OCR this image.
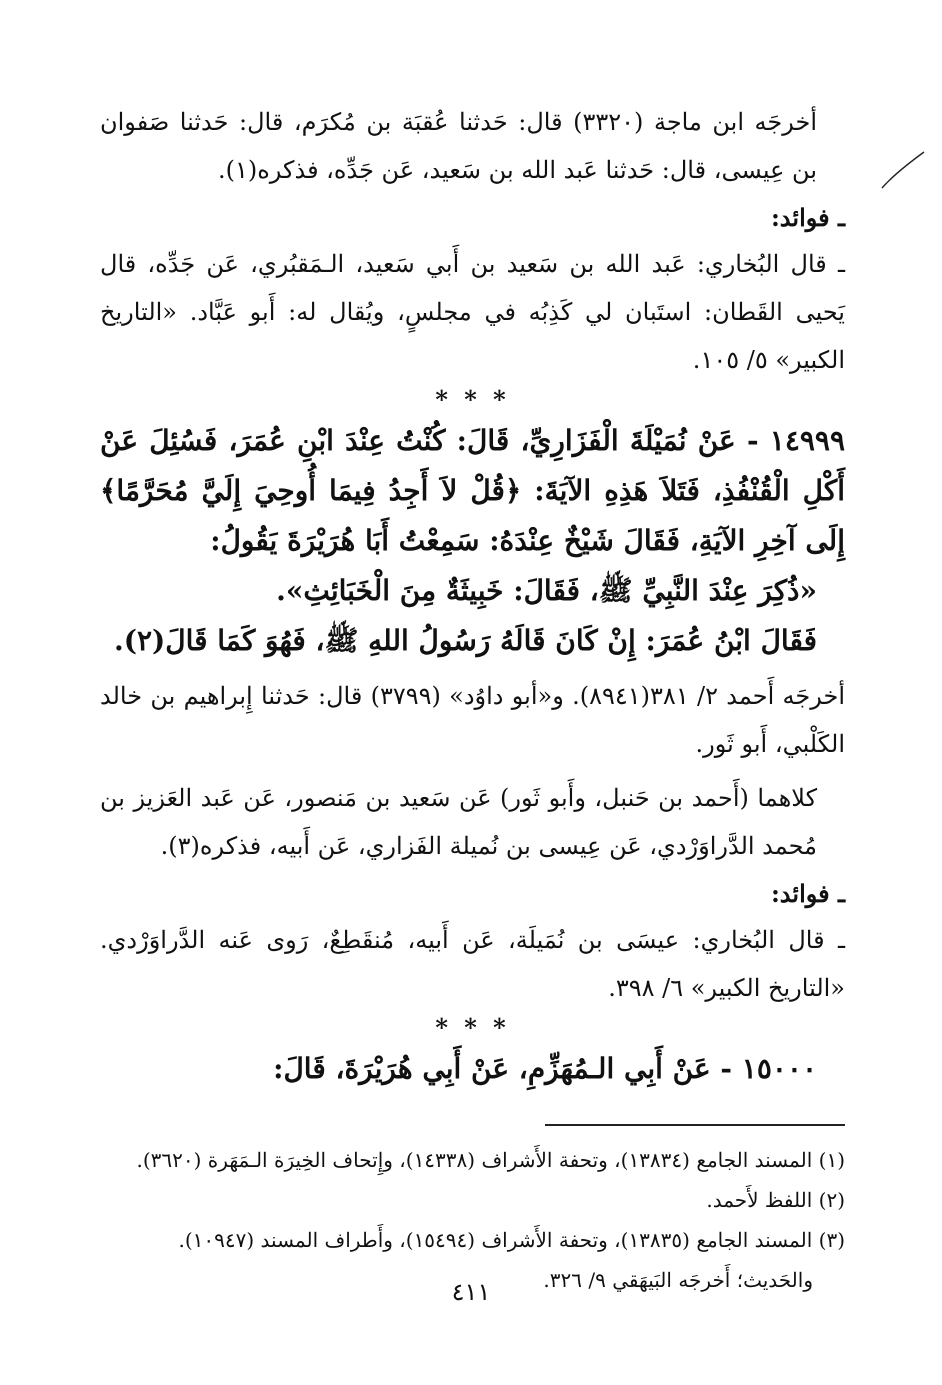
أخرجَه ابن ماجة (٣٣٢٠) قال: حَدثنا عُقبَة بن مُكرَم، قال: حَدثنا صَفوان بن عِيسى، قال: حَدثنا عَبد الله بن سَعيد، عَن جَدِّه، فذكره(١).

ـ فوائد:

ـ قال البُخاري: عَبد الله بن سَعيد بن أَبي سَعيد، الـمَقبُري، عَن جَدِّه، قال يَحيى القَطان: استَبان لي كَذِبُه في مجلسٍ، ويُقال له: أَبو عَبَّاد. «التاريخ الكبير» ٥/ ١٠٥.

* * *

١٤٩٩٩ - عَنْ نُمَيْلَةَ الْفَزَارِيِّ، قَالَ: كُنْتُ عِنْدَ ابْنِ عُمَرَ، فَسُئِلَ عَنْ أَكْلِ الْقُنْفُذِ، فَتَلاَ هَذِهِ الآيَةَ: ﴿قُلْ لاَ أَجِدُ فِيمَا أُوحِيَ إِلَيَّ مُحَرَّمًا﴾ إِلَى آخِرِ الآيَةِ، فَقَالَ شَيْخٌ عِنْدَهُ: سَمِعْتُ أَبَا هُرَيْرَةَ يَقُولُ:

«ذُكِرَ عِنْدَ النَّبِيِّ ﷺ، فَقَالَ: خَبِيثَةٌ مِنَ الْخَبَائِثِ».

فَقَالَ ابْنُ عُمَرَ: إِنْ كَانَ قَالَهُ رَسُولُ اللهِ ﷺ، فَهُوَ كَمَا قَالَ(٢).

أخرجَه أَحمد ٢/ ٣٨١(٨٩٤١). و«أبو داوُد» (٣٧٩٩) قال: حَدثنا إِبراهيم بن خالد الكَلْبي، أَبو ثَور.

كلاهما (أَحمد بن حَنبل، وأَبو ثَور) عَن سَعيد بن مَنصور، عَن عَبد العَزيز بن مُحمد الدَّراوَرْدي، عَن عِيسى بن نُميلة الفَزاري، عَن أَبيه، فذكره(٣).

ـ فوائد:

ـ قال البُخاري: عيسَى بن نُمَيلَة، عَن أَبيه، مُنقَطِعٌ، رَوى عَنه الدَّراوَرْدي. «التاريخ الكبير» ٦/ ٣٩٨.

* * *

١٥٠٠٠ - عَنْ أَبِي الـمُهَزِّمِ، عَنْ أَبِي هُرَيْرَةَ، قَالَ:

(١) المسند الجامع (١٣٨٣٤)، وتحفة الأَشراف (١٤٣٣٨)، وإِتحاف الخِيرَة الـمَهَرة (٣٦٢٠).

(٢) اللفظ لأَحمد.

(٣) المسند الجامع (١٣٨٣٥)، وتحفة الأَشراف (١٥٤٩٤)، وأَطراف المسند (١٠٩٤٧).

والحَديث؛ أَخرجَه البَيهَقي ٩/ ٣٢٦.

٤١١
